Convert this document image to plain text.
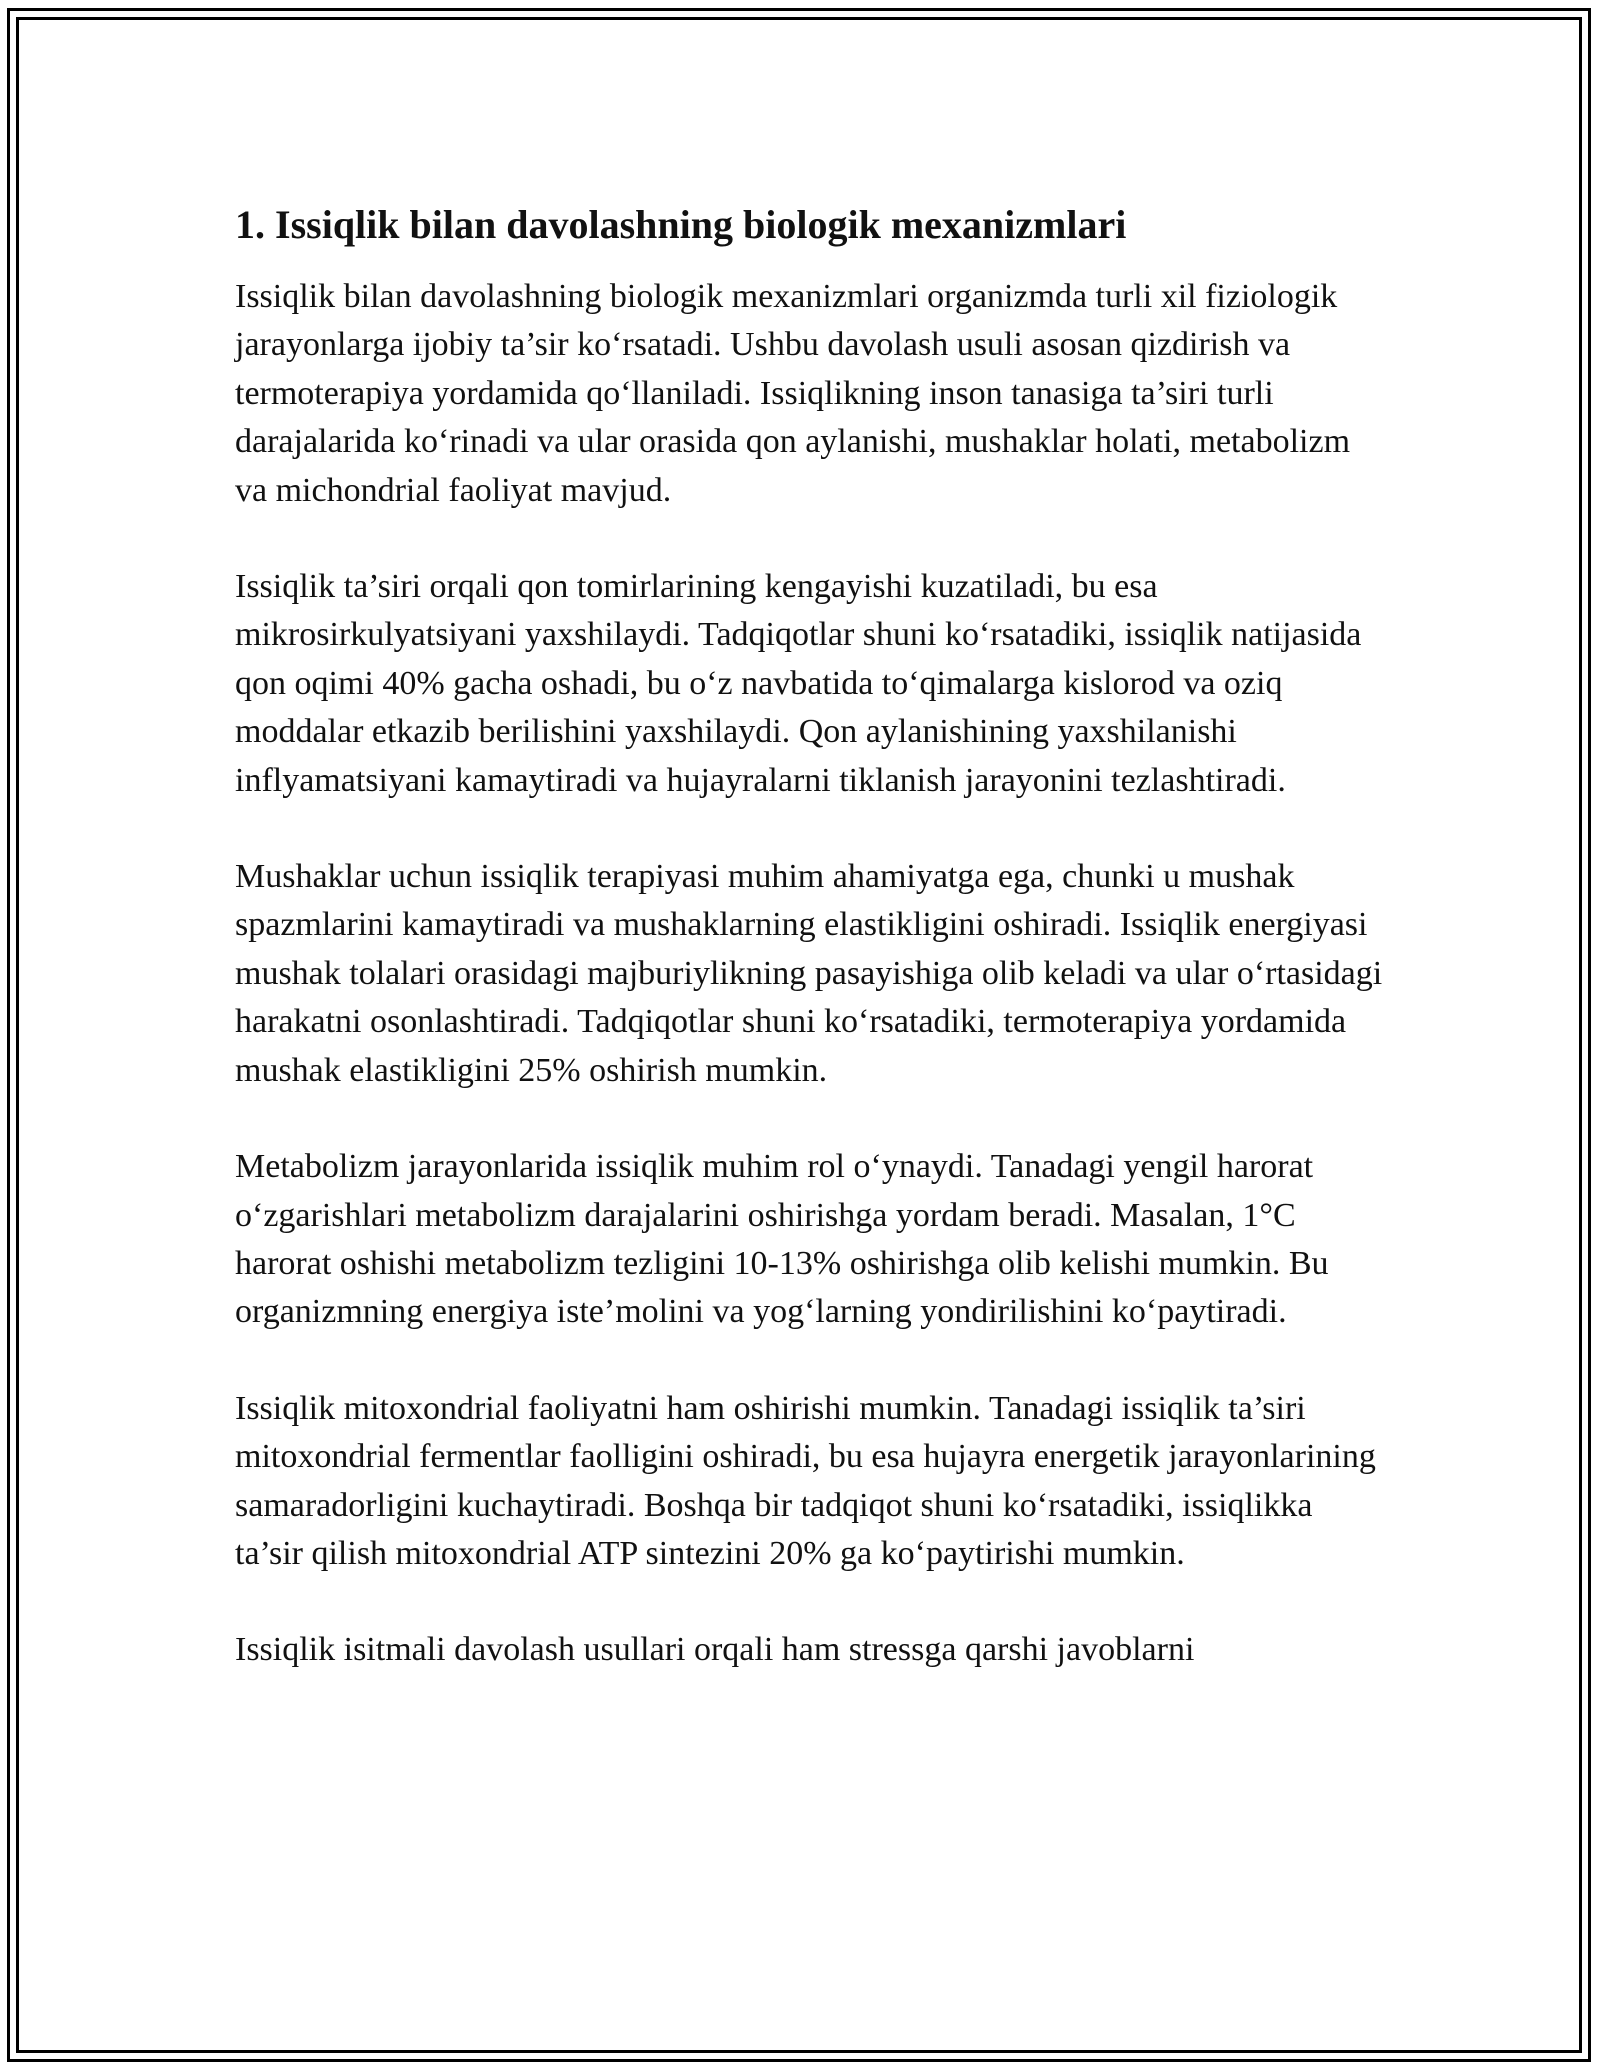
1. Issiqlik bilan davolashning biologik mexanizmlari

Issiqlik bilan davolashning biologik mexanizmlari organizmda turli xil fiziologik jarayonlarga ijobiy ta’sir ko‘rsatadi. Ushbu davolash usuli asosan qizdirish va termoterapiya yordamida qo‘llaniladi. Issiqlikning inson tanasiga ta’siri turli darajalarida ko‘rinadi va ular orasida qon aylanishi, mushaklar holati, metabolizm va michondrial faoliyat mavjud.

Issiqlik ta’siri orqali qon tomirlarining kengayishi kuzatiladi, bu esa mikrosirkulyatsiyani yaxshilaydi. Tadqiqotlar shuni ko‘rsatadiki, issiqlik natijasida qon oqimi 40% gacha oshadi, bu o‘z navbatida to‘qimalarga kislorod va oziq moddalar etkazib berilishini yaxshilaydi. Qon aylanishining yaxshilanishi inflyamatsiyani kamaytiradi va hujayralarni tiklanish jarayonini tezlashtiradi.

Mushaklar uchun issiqlik terapiyasi muhim ahamiyatga ega, chunki u mushak spazmlarini kamaytiradi va mushaklarning elastikligini oshiradi. Issiqlik energiyasi mushak tolalari orasidagi majburiylikning pasayishiga olib keladi va ular o‘rtasidagi harakatni osonlashtiradi. Tadqiqotlar shuni ko‘rsatadiki, termoterapiya yordamida mushak elastikligini 25% oshirish mumkin.

Metabolizm jarayonlarida issiqlik muhim rol o‘ynaydi. Tanadagi yengil harorat o‘zgarishlari metabolizm darajalarini oshirishga yordam beradi. Masalan, 1°C harorat oshishi metabolizm tezligini 10-13% oshirishga olib kelishi mumkin. Bu organizmning energiya iste’molini va yog‘larning yondirilishini ko‘paytiradi.

Issiqlik mitoxondrial faoliyatni ham oshirishi mumkin. Tanadagi issiqlik ta’siri mitoxondrial fermentlar faolligini oshiradi, bu esa hujayra energetik jarayonlarining samaradorligini kuchaytiradi. Boshqa bir tadqiqot shuni ko‘rsatadiki, issiqlikka ta’sir qilish mitoxondrial ATP sintezini 20% ga ko‘paytirishi mumkin.

Issiqlik isitmali davolash usullari orqali ham stressga qarshi javoblarni
